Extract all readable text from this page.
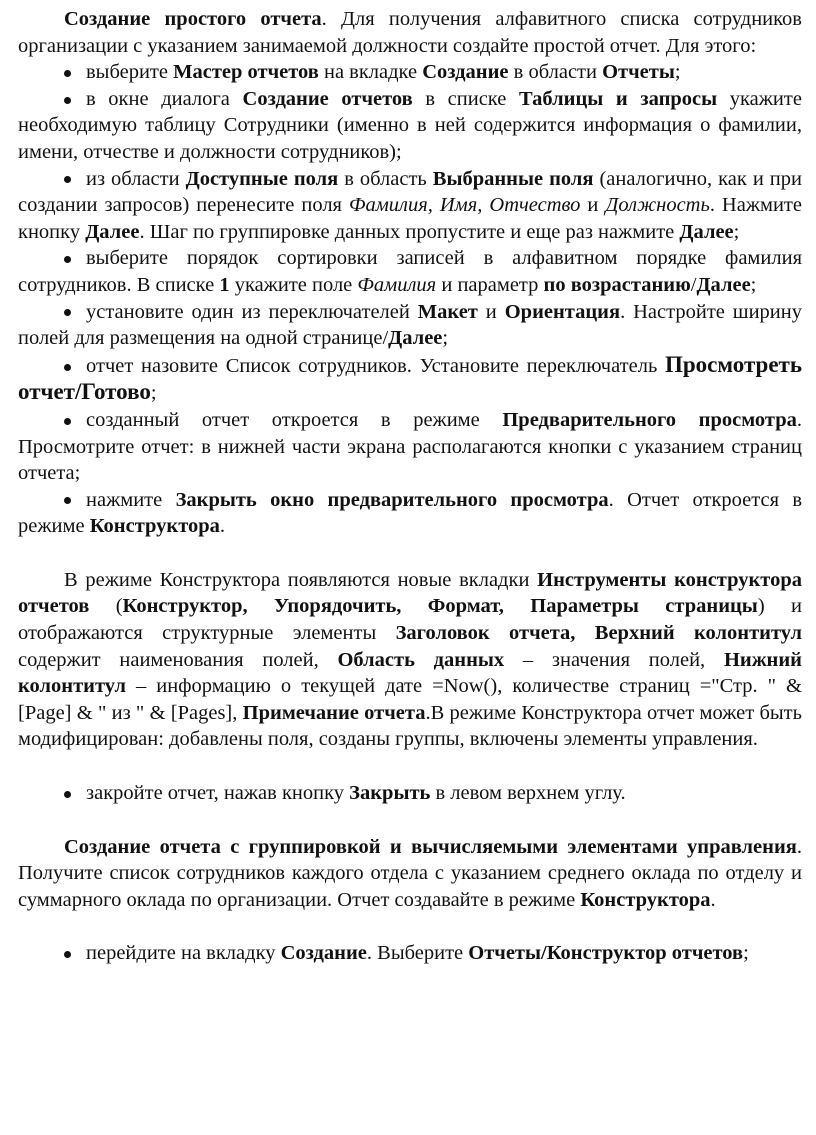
Создание простого отчета. Для получения алфавитного списка сотрудников организации с указанием занимаемой должности создайте простой отчет. Для этого:

выберите Мастер отчетов на вкладке Создание в области Отчеты;

в окне диалога Создание отчетов в списке Таблицы и запросы укажите необходимую таблицу Сотрудники (именно в ней содержится информация о фамилии, имени, отчестве и должности сотрудников);

из области Доступные поля в область Выбранные поля (аналогично, как и при создании запросов) перенесите поля Фамилия, Имя, Отчество и Должность. Нажмите кнопку Далее. Шаг по группировке данных пропустите и еще раз нажмите Далее;

выберите порядок сортировки записей в алфавитном порядке фамилия сотрудников. В списке 1 укажите поле Фамилия и параметр по возрастанию/Далее;

установите один из переключателей Макет и Ориентация. Настройте ширину полей для размещения на одной странице/Далее;

отчет назовите Список сотрудников. Установите переключатель Просмотреть отчет/Готово;

созданный отчет откроется в режиме Предварительного просмотра. Просмотрите отчет: в нижней части экрана располагаются кнопки с указанием страниц отчета;

нажмите Закрыть окно предварительного просмотра. Отчет откроется в режиме Конструктора.

В режиме Конструктора появляются новые вкладки Инструменты конструктора отчетов (Конструктор, Упорядочить, Формат, Параметры страницы) и отображаются структурные элементы Заголовок отчета, Верхний колонтитул содержит наименования полей, Область данных – значения полей, Нижний колонтитул – информацию о текущей дате =Now(), количестве страниц ="Стр. " & [Page] & " из " & [Pages], Примечание отчета.В режиме Конструктора отчет может быть модифицирован: добавлены поля, созданы группы, включены элементы управления.

закройте отчет, нажав кнопку Закрыть в левом верхнем углу.

Создание отчета с группировкой и вычисляемыми элементами управления. Получите список сотрудников каждого отдела с указанием среднего оклада по отделу и суммарного оклада по организации. Отчет создавайте в режиме Конструктора.

перейдите на вкладку Создание. Выберите Отчеты/Конструктор отчетов;
